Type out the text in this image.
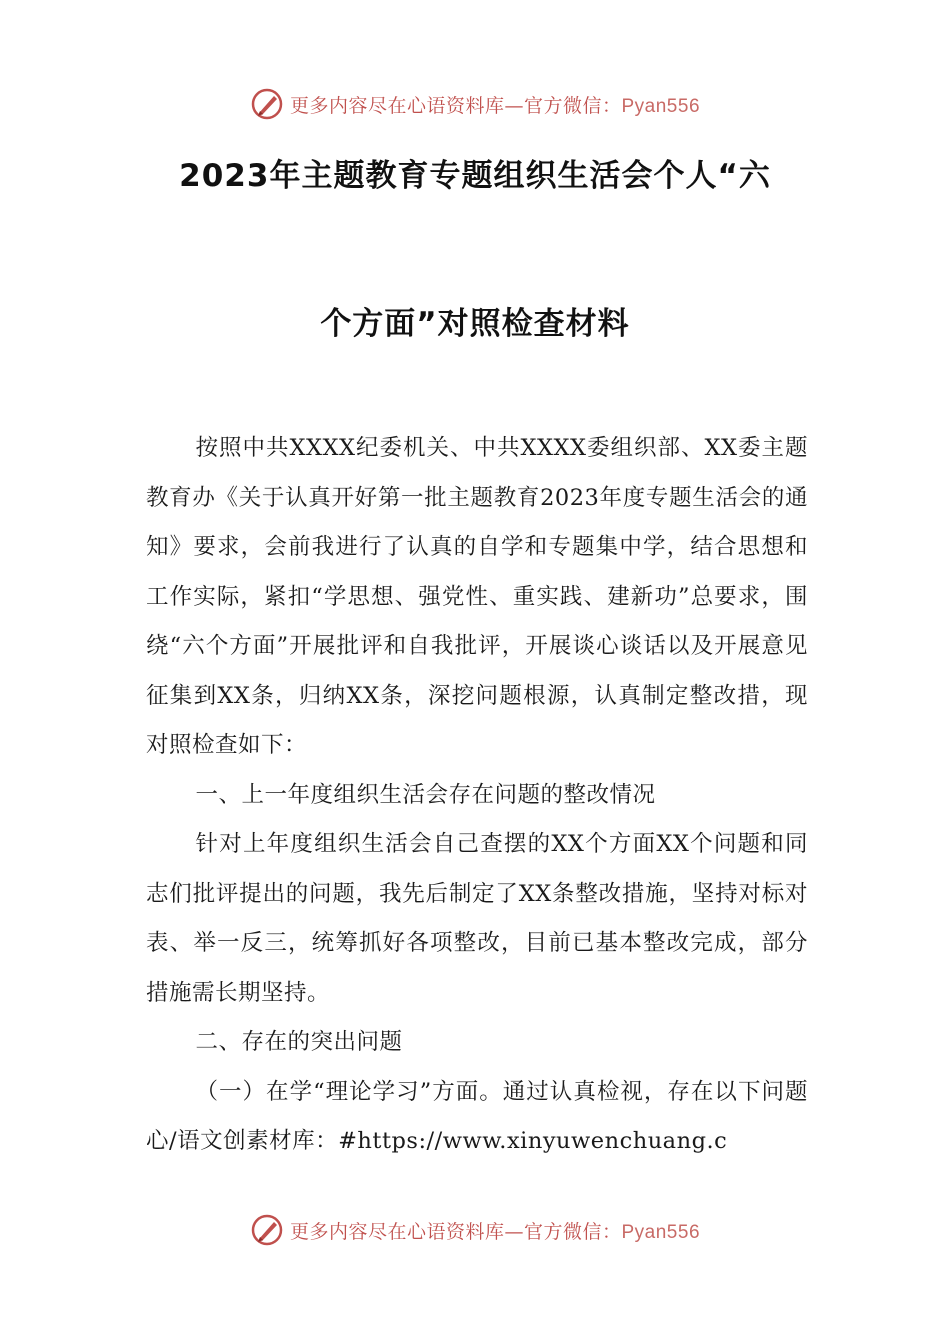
更多内容尽在心语资料库—官方微信：Pyan556
2023年主题教育专题组织生活会个人“六
个方面”对照检查材料

按照中共XXXX纪委机关、中共XXXX委组织部、XX委主题教育办《关于认真开好第一批主题教育2023年度专题生活会的通知》要求，会前我进行了认真的自学和专题集中学，结合思想和工作实际，紧扣“学思想、强党性、重实践、建新功”总要求，围绕“六个方面”开展批评和自我批评，开展谈心谈话以及开展意见征集到XX条，归纳XX条，深挖问题根源，认真制定整改措，现对照检查如下：

一、上一年度组织生活会存在问题的整改情况

针对上年度组织生活会自己查摆的XX个方面XX个问题和同志们批评提出的问题，我先后制定了XX条整改措施，坚持对标对表、举一反三，统筹抓好各项整改，目前已基本整改完成，部分措施需长期坚持。

二、存在的突出问题

（一）在学“理论学习”方面。通过认真检视，存在以下问题心/语文创素材库：#https://www.xinyuwenchuang.c

更多内容尽在心语资料库—官方微信：Pyan556
